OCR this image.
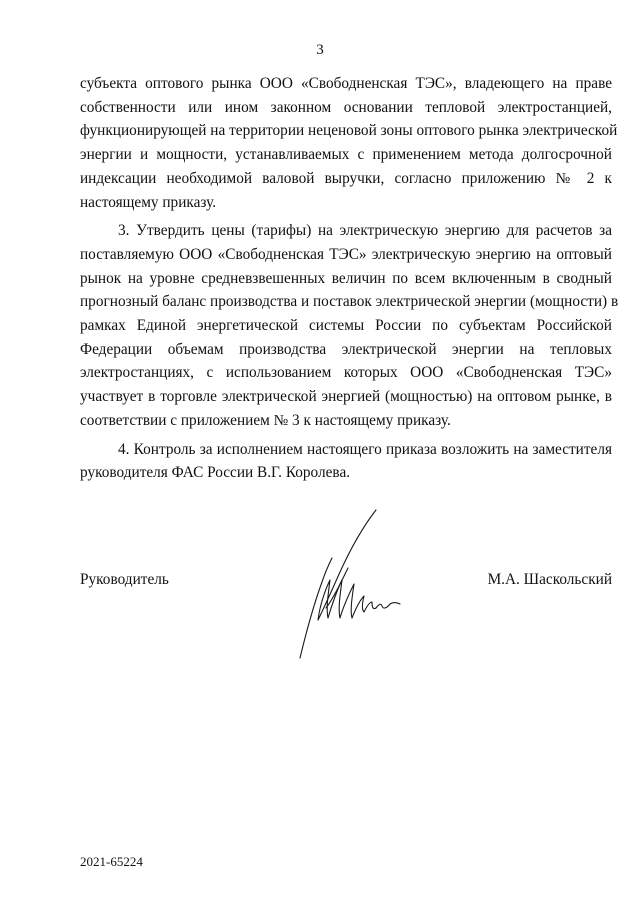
3
субъекта оптового рынка ООО «Свободненская ТЭС», владеющего на праве
собственности или ином законном основании тепловой электростанцией,
функционирующей на территории неценовой зоны оптового рынка электрической
энергии и мощности, устанавливаемых с применением метода долгосрочной
индексации необходимой валовой выручки, согласно приложению № 2 к
настоящему приказу.
3. Утвердить цены (тарифы) на электрическую энергию для расчетов за
поставляемую ООО «Свободненская ТЭС» электрическую энергию на оптовый
рынок на уровне средневзвешенных величин по всем включенным в сводный
прогнозный баланс производства и поставок электрической энергии (мощности) в
рамках Единой энергетической системы России по субъектам Российской
Федерации объемам производства электрической энергии на тепловых
электростанциях, с использованием которых ООО «Свободненская ТЭС»
участвует в торговле электрической энергией (мощностью) на оптовом рынке, в
соответствии с приложением № 3 к настоящему приказу.
4. Контроль за исполнением настоящего приказа возложить на заместителя
руководителя ФАС России В.Г. Королева.
Руководитель	М.А. Шаскольский
2021-65224
